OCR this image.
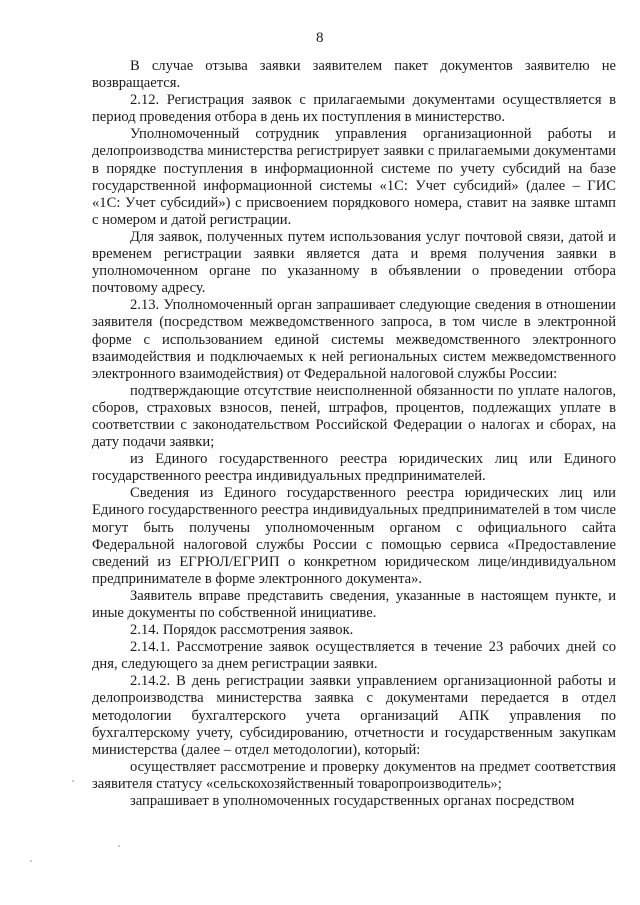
8

В случае отзыва заявки заявителем пакет документов заявителю не возвращается.

2.12. Регистрация заявок с прилагаемыми документами осуществляется в период проведения отбора в день их поступления в министерство.

Уполномоченный сотрудник управления организационной работы и делопроизводства министерства регистрирует заявки с прилагаемыми документами в порядке поступления в информационной системе по учету субсидий на базе государственной информационной системы «1С: Учет субсидий» (далее – ГИС «1С: Учет субсидий») с присвоением порядкового номера, ставит на заявке штамп с номером и датой регистрации.

Для заявок, полученных путем использования услуг почтовой связи, датой и временем регистрации заявки является дата и время получения заявки в уполномоченном органе по указанному в объявлении о проведении отбора почтовому адресу.

2.13. Уполномоченный орган запрашивает следующие сведения в отношении заявителя (посредством межведомственного запроса, в том числе в электронной форме с использованием единой системы межведомственного электронного взаимодействия и подключаемых к ней региональных систем межведомственного электронного взаимодействия) от Федеральной налоговой службы России:

подтверждающие отсутствие неисполненной обязанности по уплате налогов, сборов, страховых взносов, пеней, штрафов, процентов, подлежащих уплате в соответствии с законодательством Российской Федерации о налогах и сборах, на дату подачи заявки;

из Единого государственного реестра юридических лиц или Единого государственного реестра индивидуальных предпринимателей.

Сведения из Единого государственного реестра юридических лиц или Единого государственного реестра индивидуальных предпринимателей в том числе могут быть получены уполномоченным органом с официального сайта Федеральной налоговой службы России с помощью сервиса «Предоставление сведений из ЕГРЮЛ/ЕГРИП о конкретном юридическом лице/индивидуальном предпринимателе в форме электронного документа».

Заявитель вправе представить сведения, указанные в настоящем пункте, и иные документы по собственной инициативе.

2.14. Порядок рассмотрения заявок.

2.14.1. Рассмотрение заявок осуществляется в течение 23 рабочих дней со дня, следующего за днем регистрации заявки.

2.14.2. В день регистрации заявки управлением организационной работы и делопроизводства министерства заявка с документами передается в отдел методологии бухгалтерского учета организаций АПК управления по бухгалтерскому учету, субсидированию, отчетности и государственным закупкам министерства (далее – отдел методологии), который:

осуществляет рассмотрение и проверку документов на предмет соответствия заявителя статусу «сельскохозяйственный товаропроизводитель»;

запрашивает в уполномоченных государственных органах посредством
